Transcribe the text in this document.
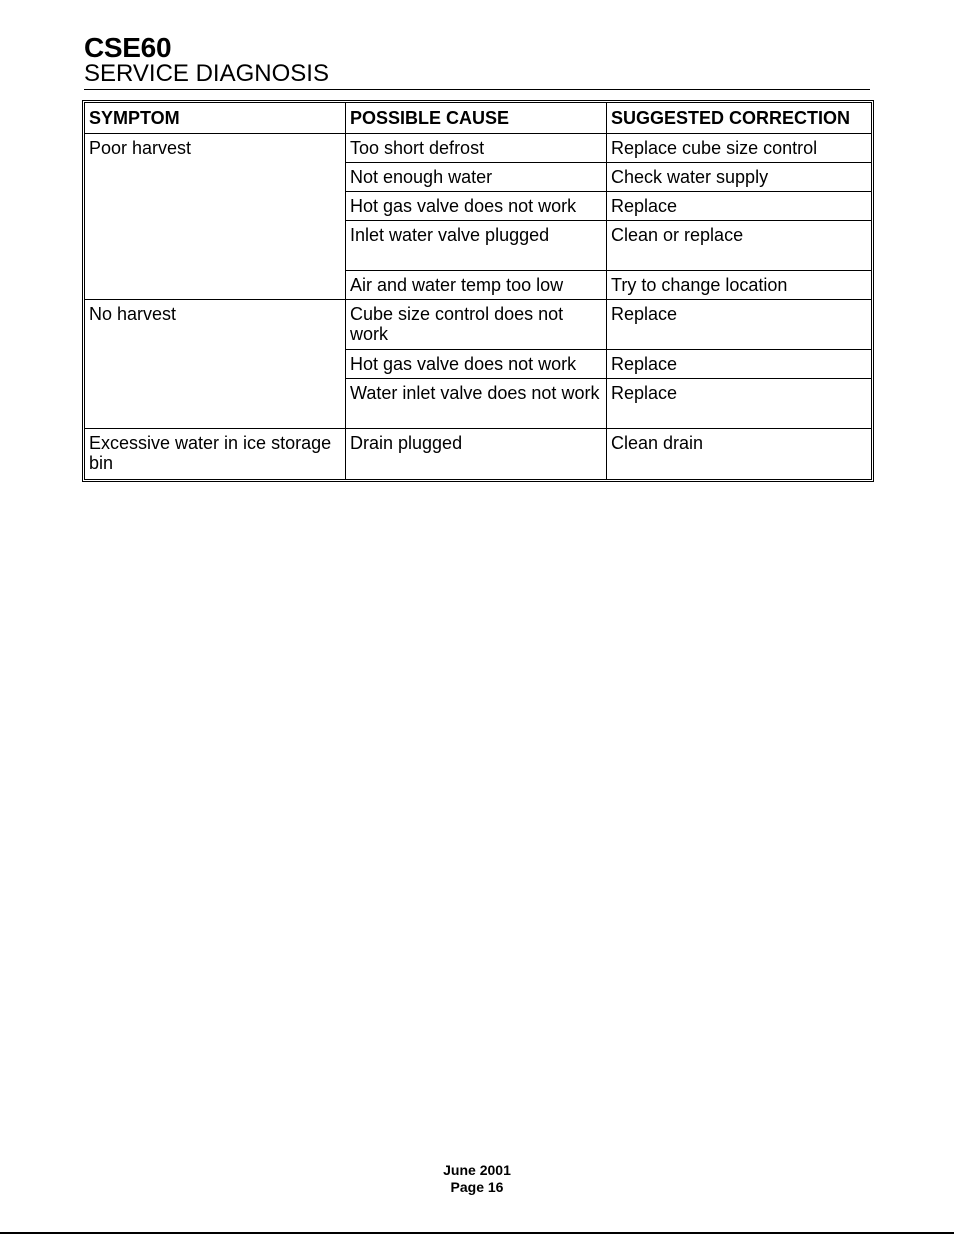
CSE60
SERVICE DIAGNOSIS
SYMPTOM	POSSIBLE CAUSE	SUGGESTED CORRECTION
Poor harvest	Too short defrost	Replace cube size control
	Not enough water	Check water supply
	Hot gas valve does not work	Replace
	Inlet water valve plugged	Clean or replace
	Air and water temp too low	Try to change location
No harvest	Cube size control does not work	Replace
	Hot gas valve does not work	Replace
	Water inlet valve does not work	Replace
Excessive water in ice storage bin	Drain plugged	Clean drain
June 2001
Page 16
